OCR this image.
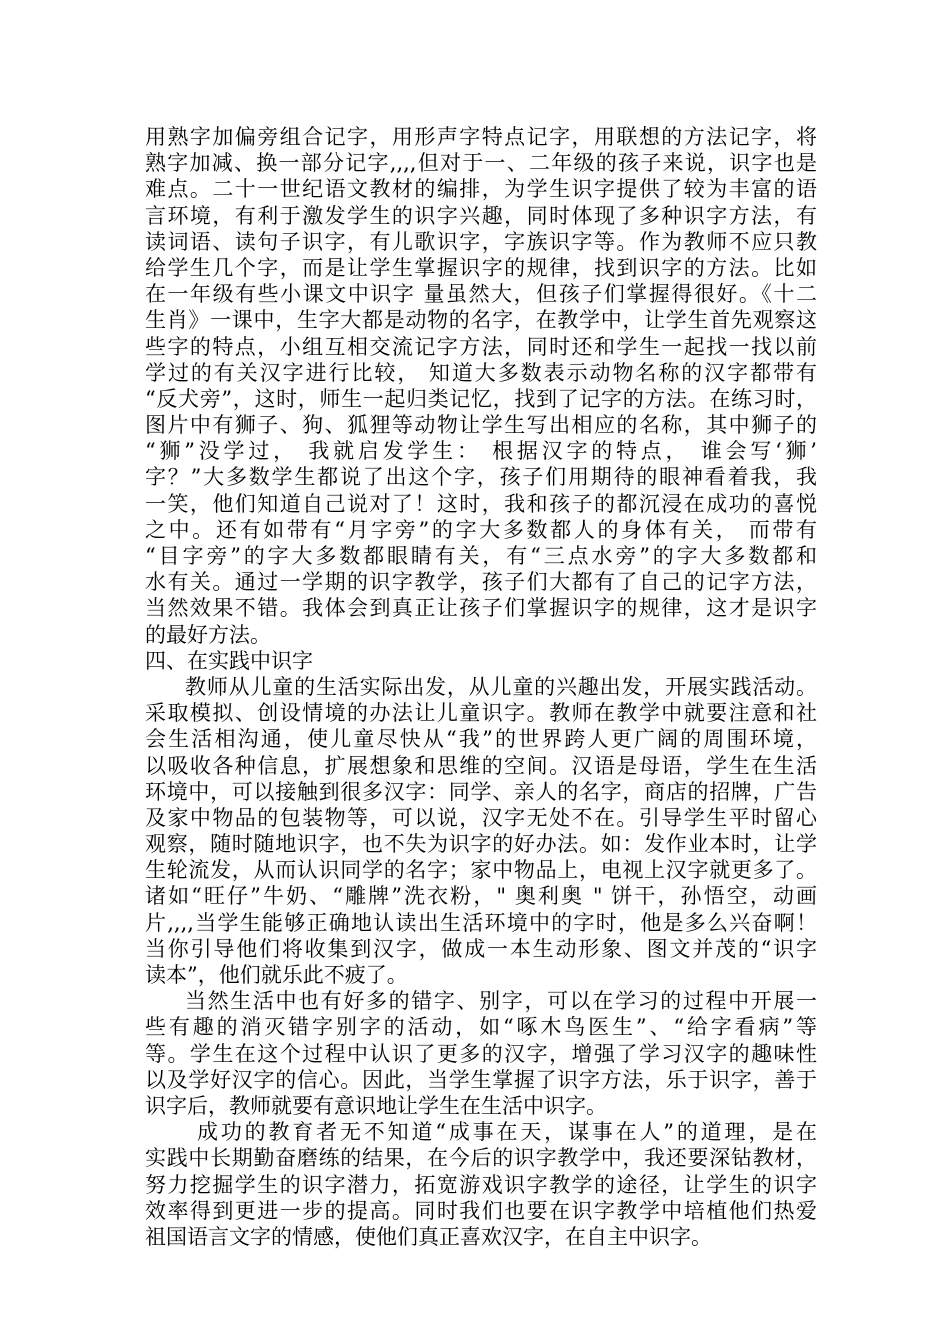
用熟字加偏旁组合记字，用形声字特点记字，用联想的方法记字，将
熟字加减、换一部分记字,,,,但对于一、二年级的孩子来说，识字也是
难点。二十一世纪语文教材的编排，为学生识字提供了较为丰富的语
言环境，有利于激发学生的识字兴趣，同时体现了多种识字方法，有
读词语、读句子识字，有儿歌识字，字族识字等。作为教师不应只教
给学生几个字，而是让学生掌握识字的规律，找到识字的方法。比如
在一年级有些小课文中识字 量虽然大，但孩子们掌握得很好。《十二
生肖》一课中，生字大都是动物的名字，在教学中，让学生首先观察这
些字的特点，小组互相交流记字方法，同时还和学生一起找一找以前
学过的有关汉字进行比较， 知道大多数表示动物名称的汉字都带有
“反犬旁”，这时，师生一起归类记忆，找到了记字的方法。在练习时，
图片中有狮子、狗、狐狸等动物让学生写出相应的名称，其中狮子的
“狮”没学过， 我就启发学生： 根据汉字的特点， 谁会写‘狮’
字？”大多数学生都说了出这个字，孩子们用期待的眼神看着我，我
一笑，他们知道自己说对了！这时，我和孩子的都沉浸在成功的喜悦
之中。还有如带有“月字旁”的字大多数都人的身体有关， 而带有
“目字旁”的字大多数都眼睛有关，有“三点水旁”的字大多数都和
水有关。通过一学期的识字教学，孩子们大都有了自己的记字方法，
当然效果不错。我体会到真正让孩子们掌握识字的规律，这才是识字
的最好方法。
四、在实践中识字
教师从儿童的生活实际出发，从儿童的兴趣出发，开展实践活动。
采取模拟、创设情境的办法让儿童识字。教师在教学中就要注意和社
会生活相沟通，使儿童尽快从“我”的世界跨人更广阔的周围环境，
以吸收各种信息，扩展想象和思维的空间。汉语是母语，学生在生活
环境中，可以接触到很多汉字：同学、亲人的名字，商店的招牌，广告
及家中物品的包装物等，可以说，汉字无处不在。引导学生平时留心
观察，随时随地识字，也不失为识字的好办法。如：发作业本时，让学
生轮流发，从而认识同学的名字；家中物品上，电视上汉字就更多了。
诸如“旺仔”牛奶、“雕牌”洗衣粉，" 奥利奥 " 饼干，孙悟空，动画
片,,,,当学生能够正确地认读出生活环境中的字时，他是多么兴奋啊！
当你引导他们将收集到汉字，做成一本生动形象、图文并茂的“识字
读本”，他们就乐此不疲了。
当然生活中也有好多的错字、别字，可以在学习的过程中开展一
些有趣的消灭错字别字的活动，如“啄木鸟医生”、“给字看病”等
等。学生在这个过程中认识了更多的汉字，增强了学习汉字的趣味性
以及学好汉字的信心。因此，当学生掌握了识字方法，乐于识字，善于
识字后，教师就要有意识地让学生在生活中识字。
成功的教育者无不知道“成事在天，谋事在人”的道理，是在
实践中长期勤奋磨练的结果，在今后的识字教学中，我还要深钻教材，
努力挖掘学生的识字潜力，拓宽游戏识字教学的途径，让学生的识字
效率得到更进一步的提高。同时我们也要在识字教学中培植他们热爱
祖国语言文字的情感，使他们真正喜欢汉字，在自主中识字。
